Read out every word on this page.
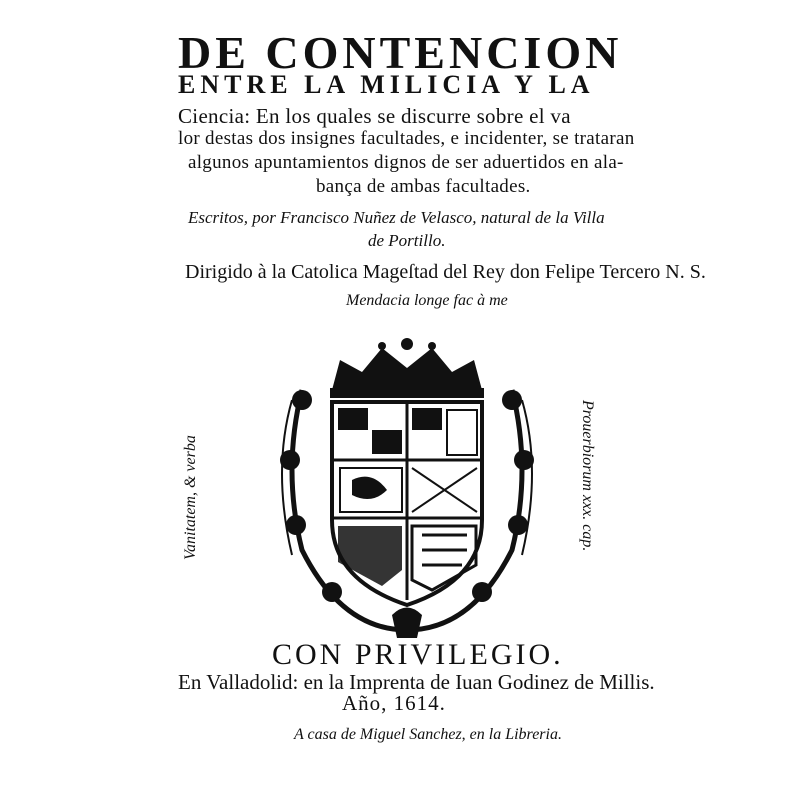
DE CONTENCION
ENTRE LA MILICIA Y LA
Ciencia: En los quales se discurre sobre el va
lor destas dos insignes facultades, e incidenter, se trataran
algunos apuntamientos dignos de ser aduertidos en ala-
bança de ambas facultades.
Escritos, por Francisco Nuñez de Velasco, natural de la Villa
de Portillo.
Dirigido à la Catolica Mageſtad del Rey don Felipe Tercero N. S.
Mendacia longe fac à me
Vanitatem, & verba	Prouerbiorum xxx. cap.
CON PRIVILEGIO.
En Valladolid: en la Imprenta de Iuan Godinez de Millis.
Año, 1614.
A casa de Miguel Sanchez, en la Libreria.
